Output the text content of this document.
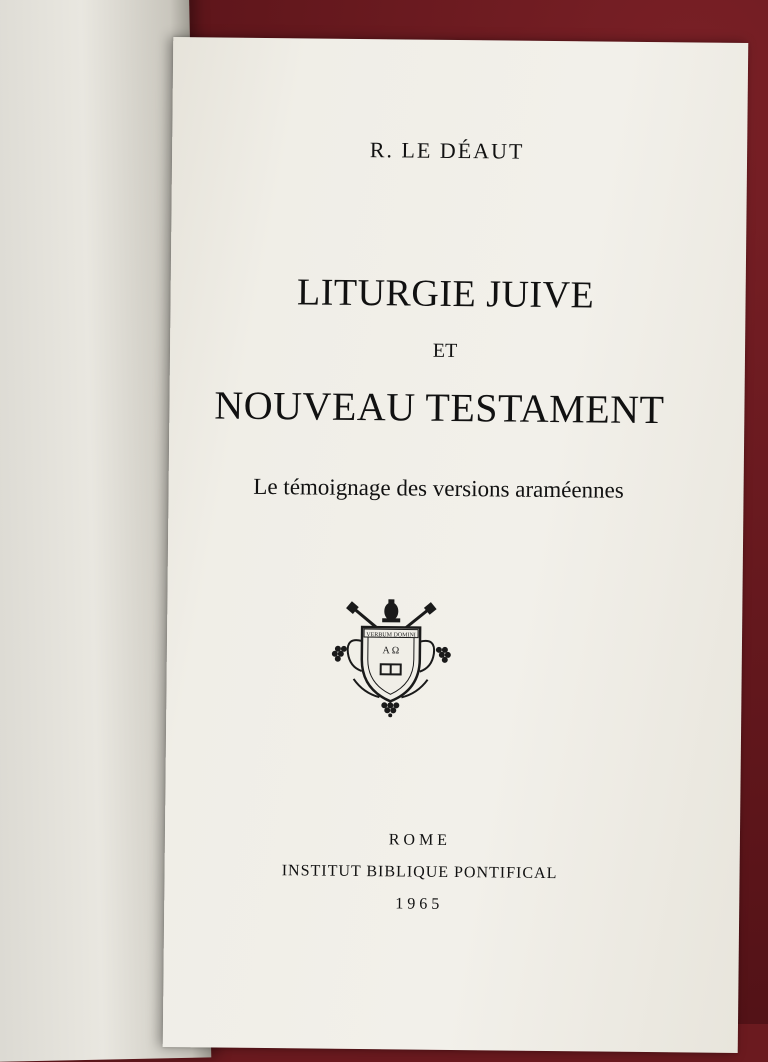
R. LE DÉAUT
LITURGIE JUIVE
ET
NOUVEAU TESTAMENT
Le témoignage des versions araméennes
VERBUM DOMINI
A Ω
ROME
INSTITUT BIBLIQUE PONTIFICAL
1965
